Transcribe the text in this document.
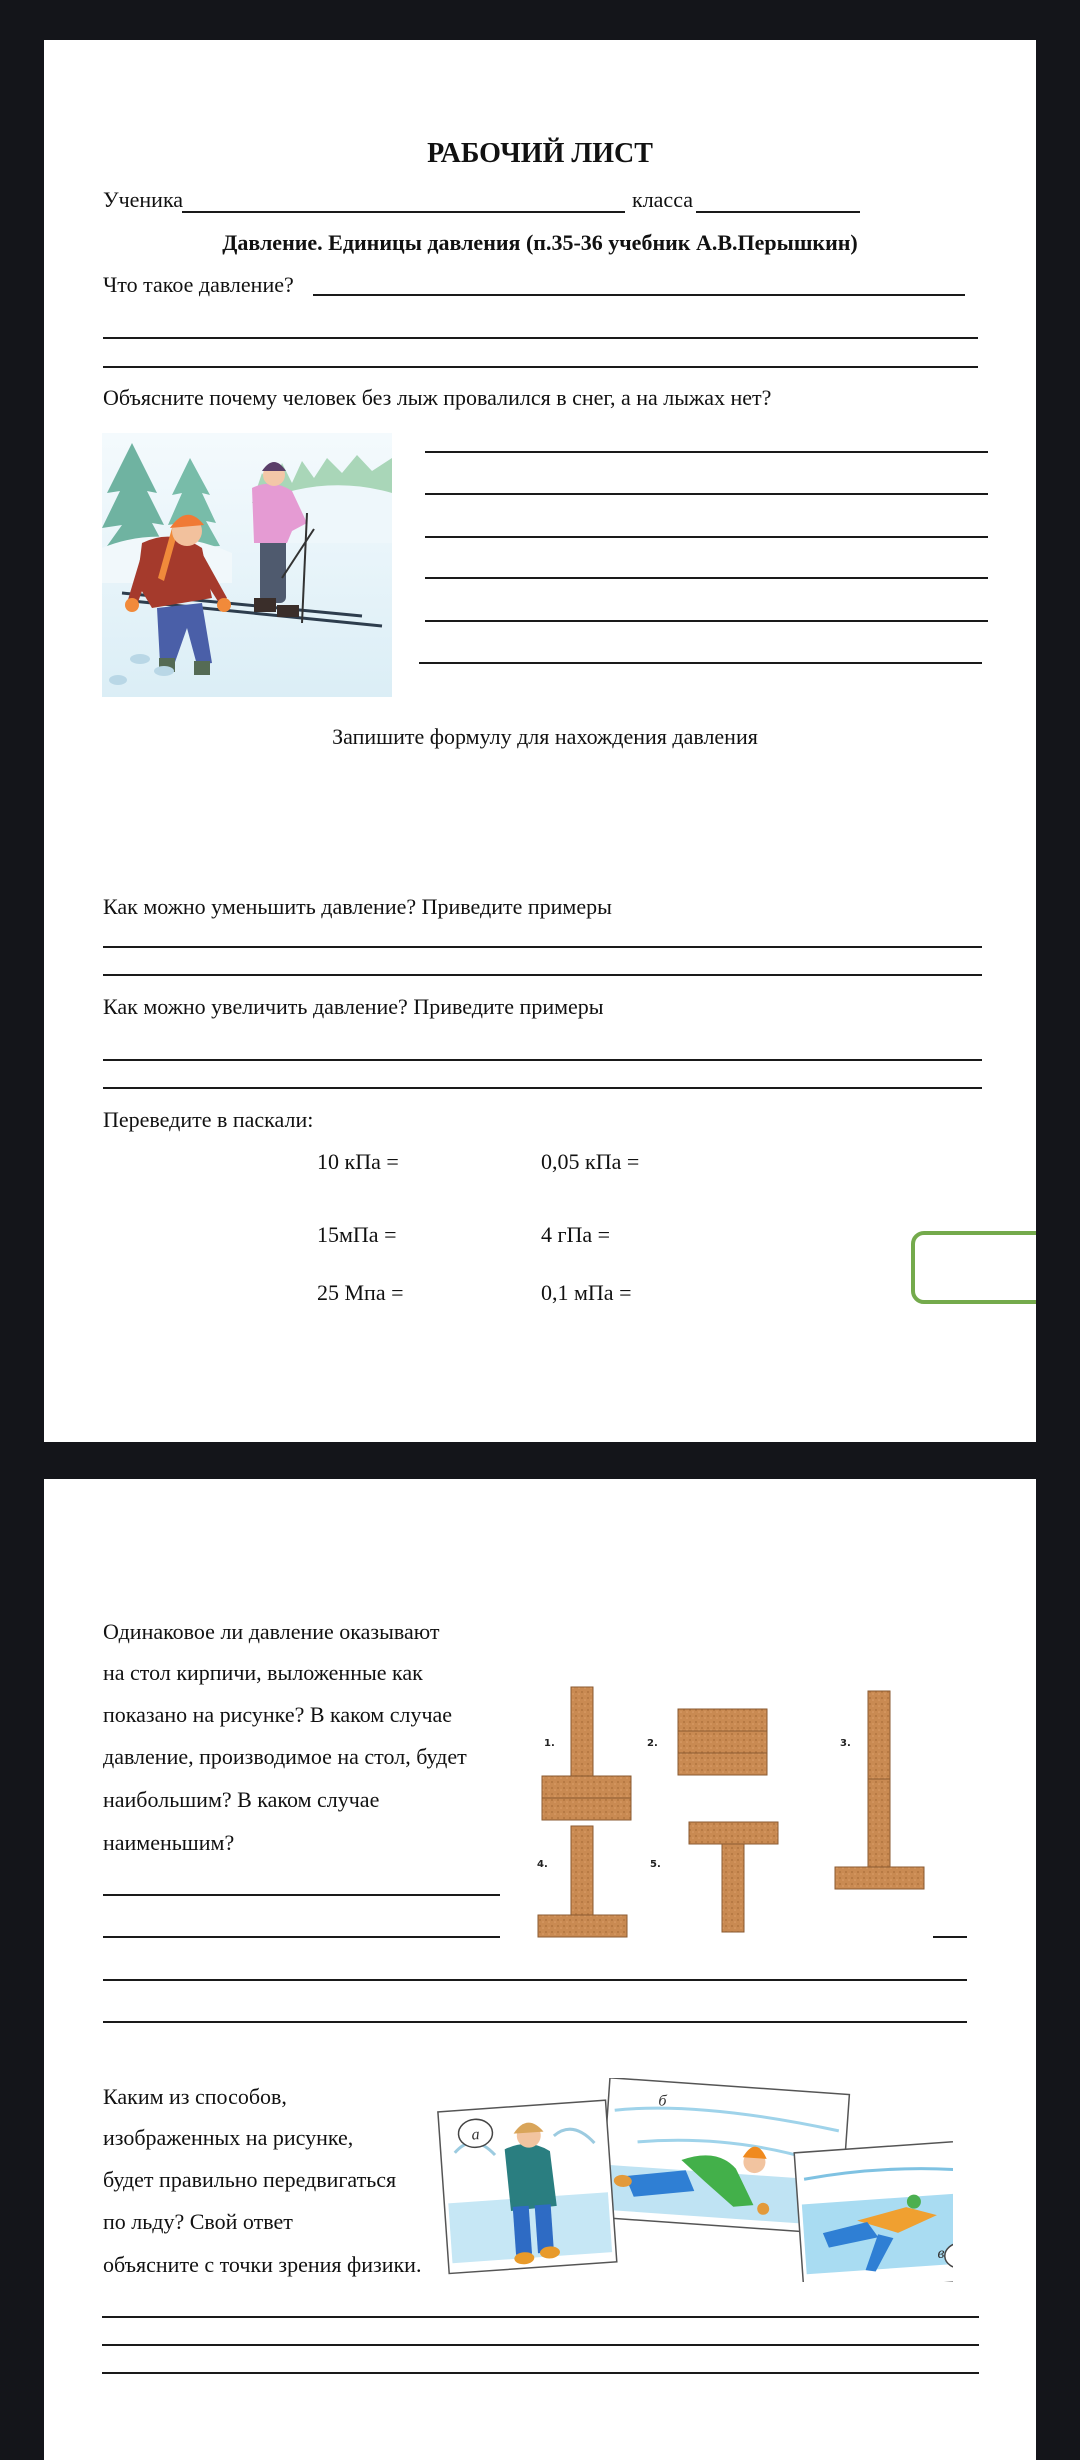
РАБОЧИЙ ЛИСТ
Ученика	класса
Давление. Единицы давления (п.35-36 учебник А.В.Перышкин)
Что такое давление?
Объясните почему человек без лыж провалился в снег, а на лыжах нет?
Запишите формулу для нахождения давления
Как можно уменьшить давление? Приведите примеры
Как можно увеличить давление? Приведите примеры
Переведите в паскали:
10 кПа =	0,05 кПа =
15мПа =	4 гПа =
25 Мпа =	0,1 мПа =
Одинаковое ли давление оказывают
на стол кирпичи, выложенные как
показано на рисунке? В каком случае
давление, производимое на стол, будет
наибольшим? В каком случае
наименьшим?
1.	2.	3.
4.	5.
Каким из способов,
изображенных на рисунке,
будет правильно передвигаться
по льду? Свой ответ
объясните с точки зрения физики.
б
а
в
